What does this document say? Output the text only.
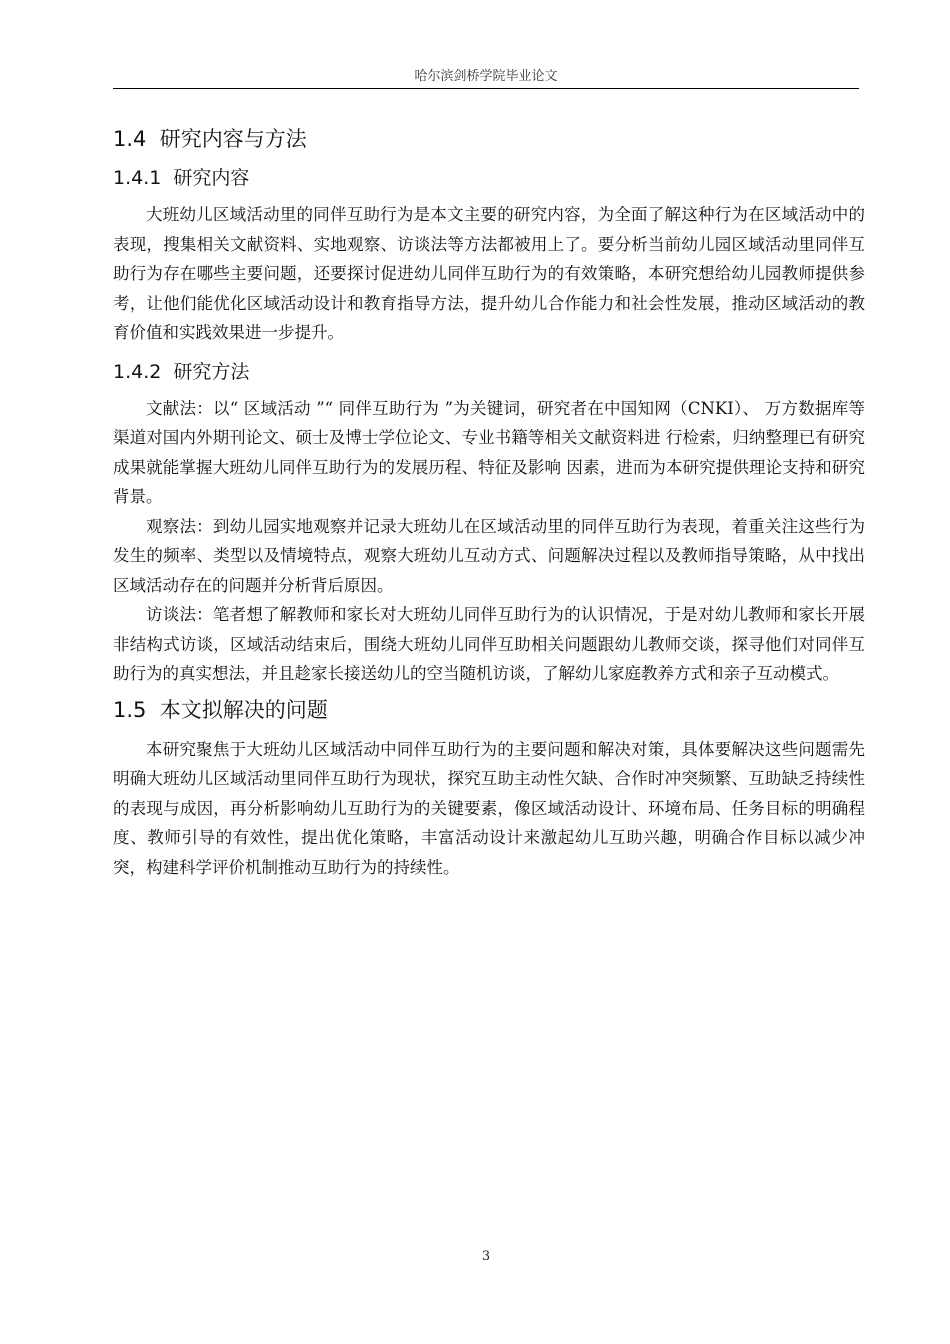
哈尔滨剑桥学院毕业论文
1.4  研究内容与方法
1.4.1  研究内容

大班幼儿区域活动里的同伴互助行为是本文主要的研究内容，为全面了解这种行为在区域活动中的表现，搜集相关文献资料、实地观察、访谈法等方法都被用上了。要分析当前幼儿园区域活动里同伴互助行为存在哪些主要问题，还要探讨促进幼儿同伴互助行为的有效策略，本研究想给幼儿园教师提供参考，让他们能优化区域活动设计和教育指导方法，提升幼儿合作能力和社会性发展，推动区域活动的教育价值和实践效果进一步提升。

1.4.2  研究方法

文献法：以“ 区域活动 ”“ 同伴互助行为 ”为关键词，研究者在中国知网（CNKI）、 万方数据库等渠道对国内外期刊论文、硕士及博士学位论文、专业书籍等相关文献资料进 行检索，归纳整理已有研究成果就能掌握大班幼儿同伴互助行为的发展历程、特征及影响 因素，进而为本研究提供理论支持和研究背景。

观察法：到幼儿园实地观察并记录大班幼儿在区域活动里的同伴互助行为表现，着重关注这些行为发生的频率、类型以及情境特点，观察大班幼儿互动方式、问题解决过程以及教师指导策略，从中找出区域活动存在的问题并分析背后原因。

访谈法：笔者想了解教师和家长对大班幼儿同伴互助行为的认识情况，于是对幼儿教师和家长开展非结构式访谈，区域活动结束后，围绕大班幼儿同伴互助相关问题跟幼儿教师交谈，探寻他们对同伴互助行为的真实想法，并且趁家长接送幼儿的空当随机访谈，了解幼儿家庭教养方式和亲子互动模式。

1.5  本文拟解决的问题

本研究聚焦于大班幼儿区域活动中同伴互助行为的主要问题和解决对策，具体要解决这些问题需先明确大班幼儿区域活动里同伴互助行为现状，探究互助主动性欠缺、合作时冲突频繁、互助缺乏持续性的表现与成因，再分析影响幼儿互助行为的关键要素，像区域活动设计、环境布局、任务目标的明确程度、教师引导的有效性，提出优化策略，丰富活动设计来激起幼儿互助兴趣，明确合作目标以减少冲突，构建科学评价机制推动互助行为的持续性。

3
